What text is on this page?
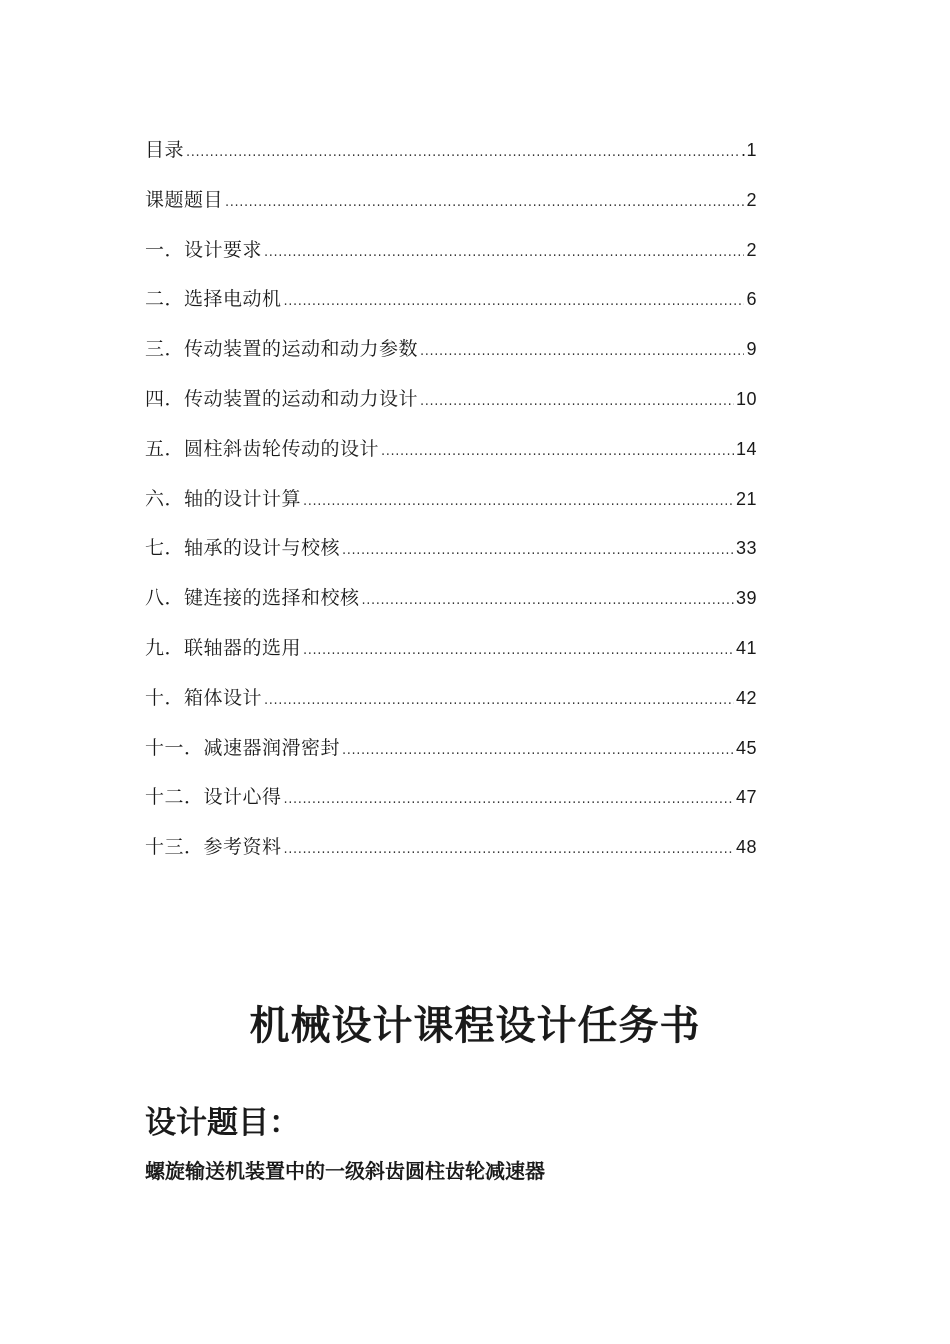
目录 .....	.1
课题题目 .....	2
一．设计要求 .....	2
二．选择电动机 .....	6
三．传动装置的运动和动力参数 .....	9
四．传动装置的运动和动力设计 .....	10
五．圆柱斜齿轮传动的设计 .....	14
六．轴的设计计算 .....	21
七．轴承的设计与校核 .....	33
八．键连接的选择和校核 .....	39
九．联轴器的选用 .....	41
十．箱体设计 .....	42
十一．减速器润滑密封 .....	45
十二．设计心得 .....	47
十三．参考资料 .....	48
机械设计课程设计任务书
设计题目：

螺旋输送机装置中的一级斜齿圆柱齿轮减速器
